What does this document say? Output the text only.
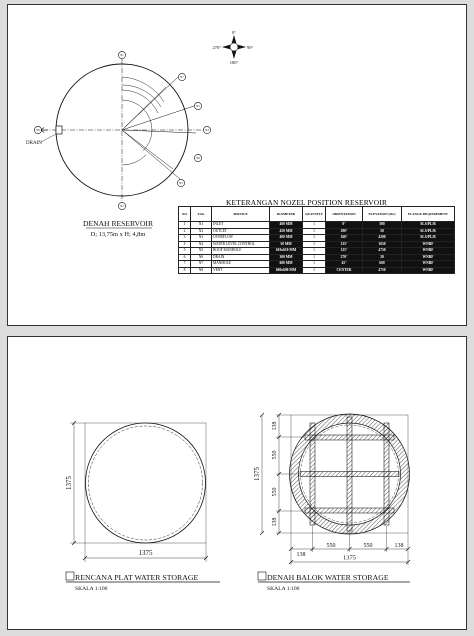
0°
90°
270°
180°
N1
N7
N5
N4
N8
N3
N2
N6
DRAIN
DENAH RESERVOIR
D; 13,75m x H; 4,8m
KETERANGAN NOZEL POSITION RESERVOIR
NO	TAG	SERVICE	DIAMETER	QUANTITY	ORIENTATION	ELEVATION (Dw)	FLANGE REQUIREMENT
1	N1	INLET	400 MM	1	0°	300	SLS/PL/B
2	N2	OUTLET	450 MM	1	180°	50	SLS/PL/B
3	N3	OVERFLOW	400 MM	1	160°	4200	SLS/PL/B
4	N4	WATER LEVEL CONTROL	50 MM	1	135°	1650	WNRF
5	N5	ROOF MANHOLE	610x610 MM	1	125°	4750	WNRF
6	N6	DRAIN	300 MM	1	270°	20	WNRF
7	N7	MANHOLE	600 MM	1	45°	600	WNRF
8	N8	VENT	600x600 MM	1	CENTER	4750	WNRF
1375
1375
RENCANA PLAT WATER STORAGE
SKALA 1:100
138
550
550
138
1375
138
550	550	138
1375
DENAH BALOK WATER STORAGE
SKALA 1:100
